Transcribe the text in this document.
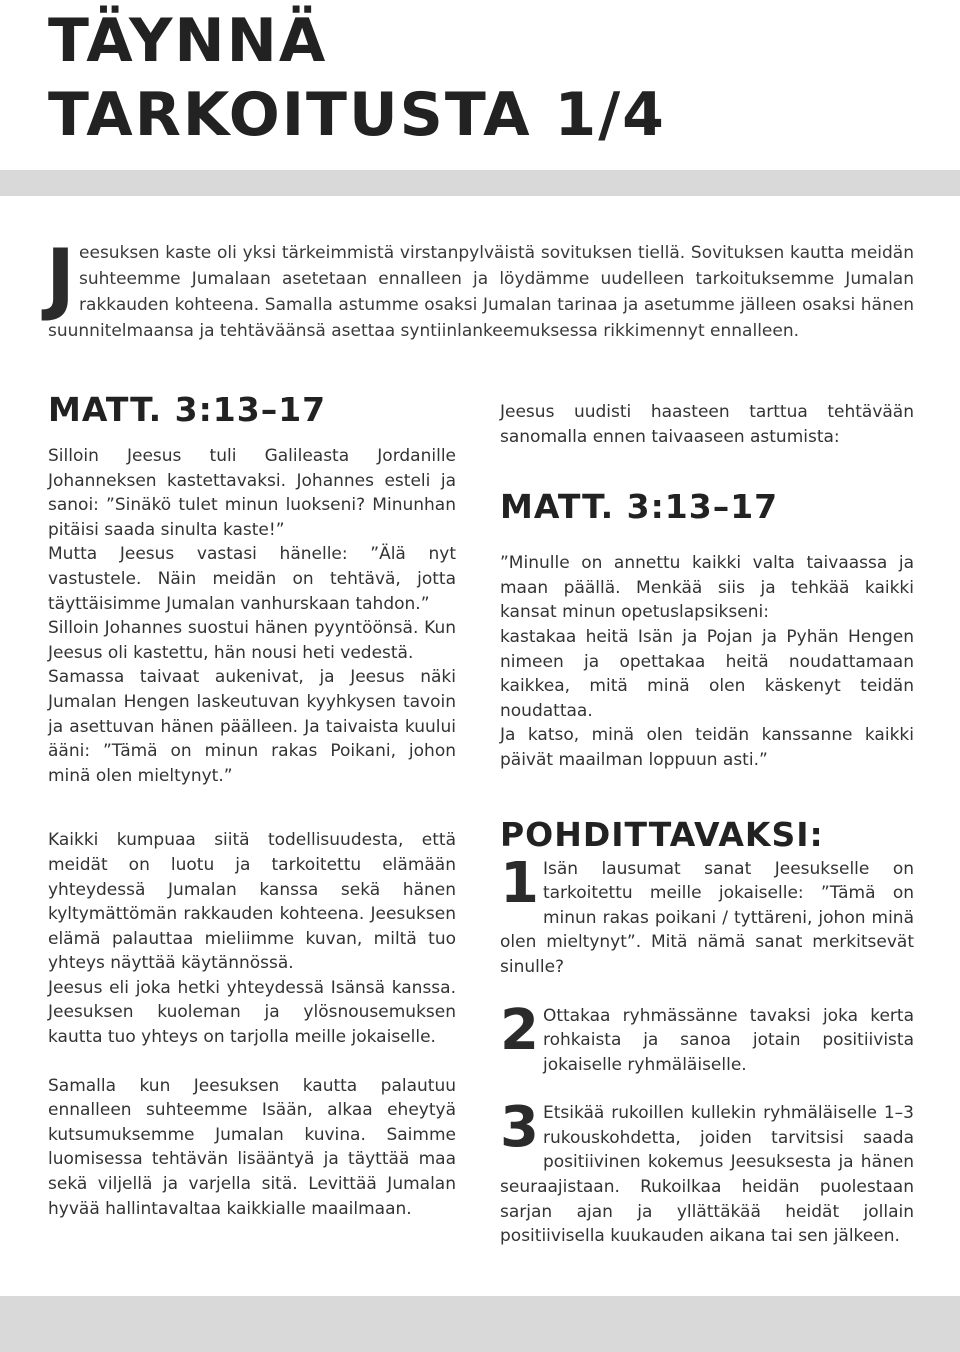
TÄYNNÄ
TARKOITUSTA 1/4
J eesuksen kaste oli yksi tärkeimmistä virstanpylväistä sovituksen tiellä. Sovituksen kautta meidän suhteemme Jumalaan asetetaan ennalleen ja löydämme uudelleen tarkoituksemme Jumalan rakkauden kohteena. Samalla astumme osaksi Jumalan tarinaa ja asetumme jälleen osaksi hänen suunnitelmaansa ja tehtäväänsä asettaa syntiinlankeemuksessa rikkimennyt ennalleen.
MATT. 3:13–17

Silloin Jeesus tuli Galileasta Jordanille Johanneksen kastettavaksi. Johannes esteli ja sanoi: ”Sinäkö tulet minun luokseni? Minunhan pitäisi saada sinulta kaste!”

Mutta Jeesus vastasi hänelle: ”Älä nyt vastustele. Näin meidän on tehtävä, jotta täyttäisimme Jumalan vanhurskaan tahdon.”

Silloin Johannes suostui hänen pyyntöönsä. Kun Jeesus oli kastettu, hän nousi heti vedestä.

Samassa taivaat aukenivat, ja Jeesus näki Jumalan Hengen laskeutuvan kyyhkysen tavoin ja asettuvan hänen päälleen. Ja taivaista kuului ääni: ”Tämä on minun rakas Poikani, johon minä olen mieltynyt.”

Kaikki kumpuaa siitä todellisuudesta, että meidät on luotu ja tarkoitettu elämään yhteydessä Jumalan kanssa sekä hänen kyltymättömän rakkauden kohteena. Jeesuksen elämä palauttaa mieliimme kuvan, miltä tuo yhteys näyttää käytännössä.

Jeesus eli joka hetki yhteydessä Isänsä kanssa. Jeesuksen kuoleman ja ylösnousemuksen kautta tuo yhteys on tarjolla meille jokaiselle.

Samalla kun Jeesuksen kautta palautuu ennalleen suhteemme Isään, alkaa eheytyä kutsumuksemme Jumalan kuvina. Saimme luomisessa tehtävän lisääntyä ja täyttää maa sekä viljellä ja varjella sitä. Levittää Jumalan hyvää hallintavaltaa kaikkialle maailmaan.

Jeesus uudisti haasteen tarttua tehtävään sanomalla ennen taivaaseen astumista:

MATT. 3:13–17

”Minulle on annettu kaikki valta taivaassa ja maan päällä. Menkää siis ja tehkää kaikki kansat minun opetuslapsikseni:

kastakaa heitä Isän ja Pojan ja Pyhän Hengen nimeen ja opettakaa heitä noudattamaan kaikkea, mitä minä olen käskenyt teidän noudattaa.

Ja katso, minä olen teidän kanssanne kaikki päivät maailman loppuun asti.”

POHDITTAVAKSI:
1 Isän lausumat sanat Jeesukselle on tarkoitettu meille jokaiselle: ”Tämä on minun rakas poikani / tyttäreni, johon minä olen mieltynyt”. Mitä nämä sanat merkitsevät sinulle?

2 Ottakaa ryhmässänne tavaksi joka kerta rohkaista ja sanoa jotain positiivista jokaiselle ryhmäläiselle.

3 Etsikää rukoillen kullekin ryhmäläiselle 1–3 rukouskohdetta, joiden tarvitsisi saada positiivinen kokemus Jeesuksesta ja hänen seuraajistaan. Rukoilkaa heidän puolestaan sarjan ajan ja yllättäkää heidät jollain positiivisella kuukauden aikana tai sen jälkeen.
